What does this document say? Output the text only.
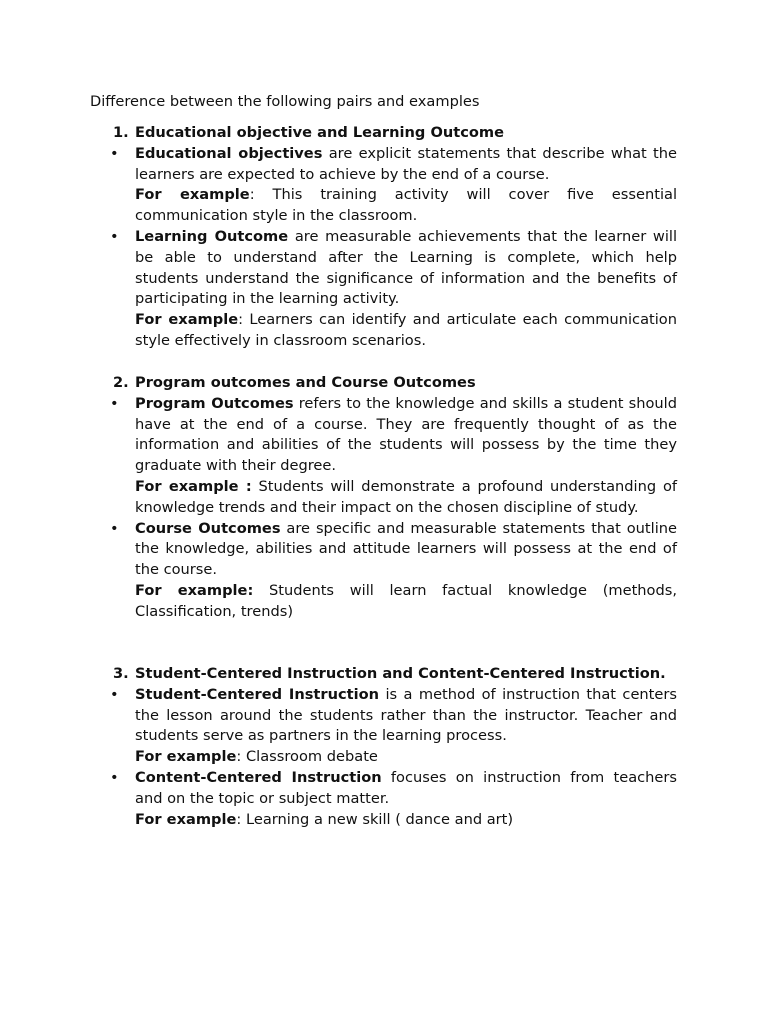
Difference between the following pairs and examples
1. Educational objective and Learning Outcome
•	Educational objectives are explicit statements that describe what the learners are expected to achieve by the end of a course.

For example: This training activity will cover five essential communication style in the classroom.

•	Learning Outcome are measurable achievements that the learner will be able to understand after the Learning is complete, which help students understand the significance of information and the benefits of participating in the learning activity.

For example: Learners can identify and articulate each communication style effectively in classroom scenarios.

2. Program outcomes and Course Outcomes
•	Program Outcomes refers to the knowledge and skills a student should have at the end of a course. They are frequently thought of as the information and abilities of the students will possess by the time they graduate with their degree.

For example : Students will demonstrate a profound understanding of knowledge trends and their impact on the chosen discipline of study.

•	Course Outcomes are specific and measurable statements that outline the knowledge, abilities and attitude learners will possess at the end of the course.

For example: Students will learn factual knowledge (methods, Classification, trends)

3. Student-Centered Instruction and Content-Centered Instruction.
•	Student-Centered Instruction is a method of instruction that centers the lesson around the students rather than the instructor. Teacher and students serve as partners in the learning process.

For example: Classroom debate

•	Content-Centered Instruction focuses on instruction from teachers and on the topic or subject matter.

For example: Learning a new skill ( dance and art)
